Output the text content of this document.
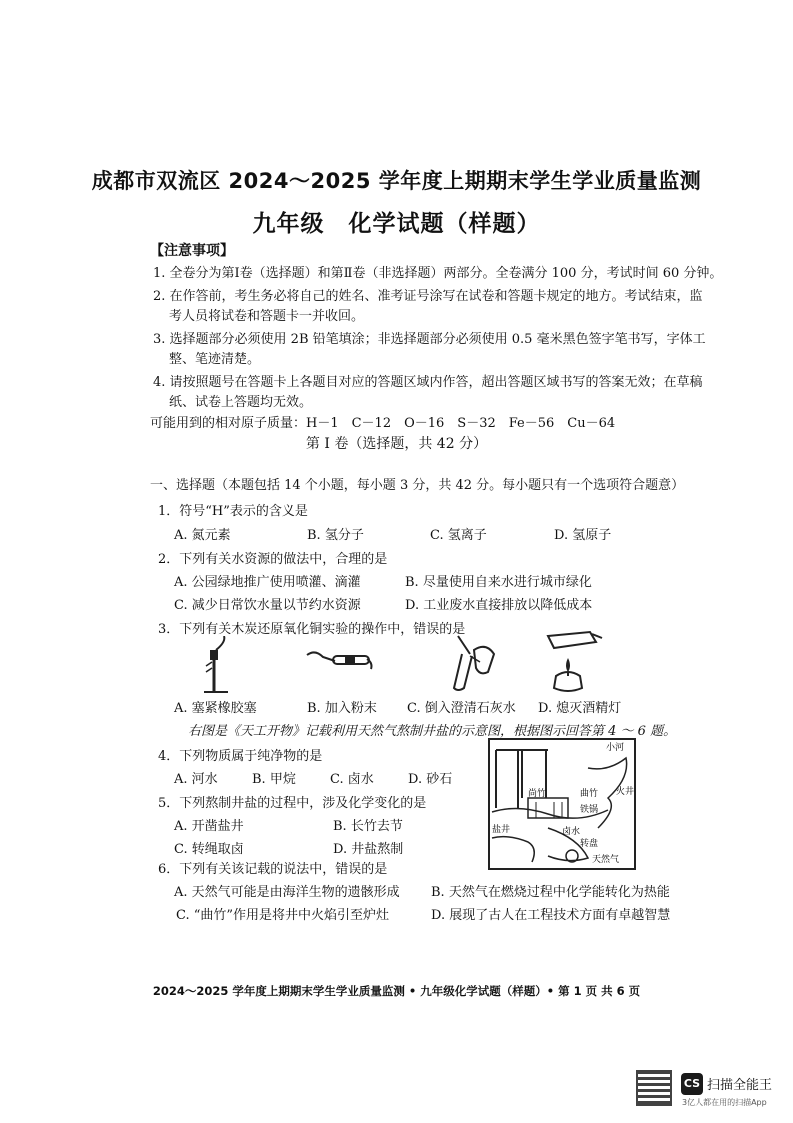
成都市双流区 2024～2025 学年度上期期末学生学业质量监测
九年级　化学试题（样题）
【注意事项】
1. 全卷分为第Ⅰ卷（选择题）和第Ⅱ卷（非选择题）两部分。全卷满分 100 分，考试时间 60 分钟。
2. 在作答前，考生务必将自己的姓名、准考证号涂写在试卷和答题卡规定的地方。考试结束，监
考人员将试卷和答题卡一并收回。
3. 选择题部分必须使用 2B 铅笔填涂；非选择题部分必须使用 0.5 毫米黑色签字笔书写，字体工
整、笔迹清楚。
4. 请按照题号在答题卡上各题目对应的答题区域内作答，超出答题区域书写的答案无效；在草稿
纸、试卷上答题均无效。
可能用到的相对原子质量：H－1　C－12　O－16　S－32　Fe－56　Cu－64
第 I 卷（选择题，共 42 分）
一、选择题（本题包括 14 个小题，每小题 3 分，共 42 分。每小题只有一个选项符合题意）
1．符号“H”表示的含义是
A. 氮元素	B. 氢分子	C. 氢离子	D. 氢原子
2．下列有关水资源的做法中，合理的是
A. 公园绿地推广使用喷灌、滴灌	B. 尽量使用自来水进行城市绿化
C. 减少日常饮水量以节约水资源	D. 工业废水直接排放以降低成本
3．下列有关木炭还原氧化铜实验的操作中，错误的是
A. 塞紧橡胶塞	B. 加入粉末 C. 倒入澄清石灰水 D. 熄灭酒精灯
右图是《天工开物》记载利用天然气熬制井盐的示意图，根据图示回答第 4 ～ 6 题。
4．下列物质属于纯净物的是
A. 河水	B. 甲烷	C. 卤水	D. 砂石
5．下列熬制井盐的过程中，涉及化学变化的是
A. 开凿盐井	B. 长竹去节
C. 转绳取卤	D. 井盐熬制
小河
尚竹	曲竹 火井
铁锅
盐井	卤水
转盘
天然气
6．下列有关该记载的说法中，错误的是
A. 天然气可能是由海洋生物的遗骸形成 B. 天然气在燃烧过程中化学能转化为热能
C. “曲竹”作用是将井中火焰引至炉灶	D. 展现了古人在工程技术方面有卓越智慧
2024～2025 学年度上期期末学生学业质量监测 • 九年级化学试题（样题）• 第 1 页 共 6 页
CS 扫描全能王
3亿人都在用的扫描App
